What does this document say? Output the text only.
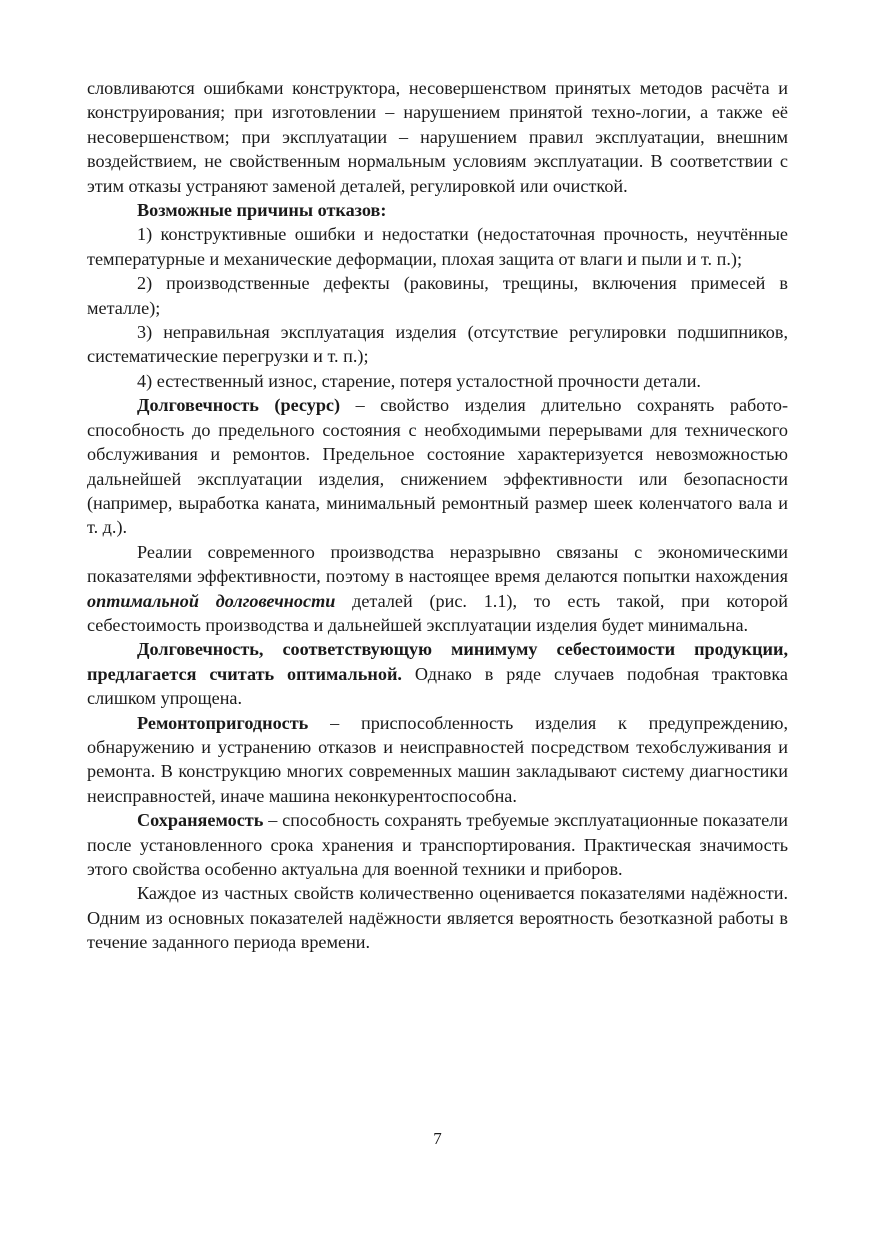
словливаются ошибками конструктора, несовершенством принятых методов расчёта и конструирования; при изготовлении – нарушением принятой техно-логии, а также её несовершенством; при эксплуатации – нарушением правил эксплуатации, внешним воздействием, не свойственным нормальным условиям эксплуатации. В соответствии с этим отказы устраняют заменой деталей, регулировкой или очисткой.

Возможные причины отказов:

1) конструктивные ошибки и недостатки (недостаточная прочность, неучтённые температурные и механические деформации, плохая защита от влаги и пыли и т. п.);

2) производственные дефекты (раковины, трещины, включения примесей в металле);

3) неправильная эксплуатация изделия (отсутствие регулировки подшипников, систематические перегрузки и т. п.);

4) естественный износ, старение, потеря усталостной прочности детали.

Долговечность (ресурс) – свойство изделия длительно сохранять работоспособность до предельного состояния с необходимыми перерывами для технического обслуживания и ремонтов. Предельное состояние характеризуется невозможностью дальнейшей эксплуатации изделия, снижением эффективности или безопасности (например, выработка каната, минимальный ремонтный размер шеек коленчатого вала и т. д.).

Реалии современного производства неразрывно связаны с экономическими показателями эффективности, поэтому в настоящее время делаются попытки нахождения оптимальной долговечности деталей (рис. 1.1), то есть такой, при которой себестоимость производства и дальнейшей эксплуатации изделия будет минимальна.

Долговечность, соответствующую минимуму себестоимости продукции, предлагается считать оптимальной. Однако в ряде случаев подобная трактовка слишком упрощена.

Ремонтопригодность – приспособленность изделия к предупреждению, обнаружению и устранению отказов и неисправностей посредством техобслуживания и ремонта. В конструкцию многих современных машин закладывают систему диагностики неисправностей, иначе машина неконкурентоспособна.

Сохраняемость – способность сохранять требуемые эксплуатационные показатели после установленного срока хранения и транспортирования. Практическая значимость этого свойства особенно актуальна для военной техники и приборов.

Каждое из частных свойств количественно оценивается показателями надёжности. Одним из основных показателей надёжности является вероятность безотказной работы в течение заданного периода времени.

7
